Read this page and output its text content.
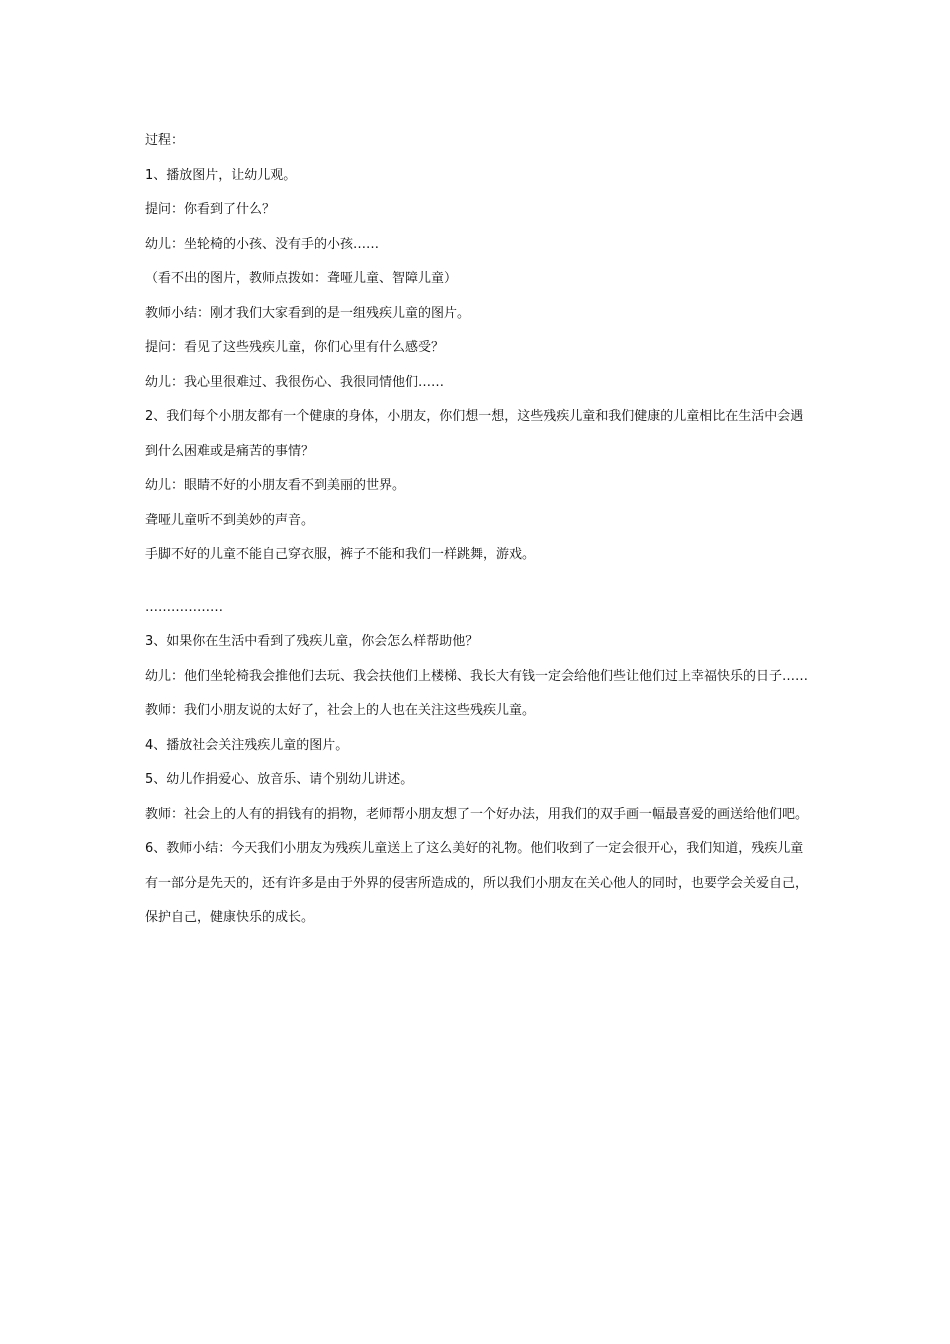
过程：

1、播放图片，让幼儿观。

提问：你看到了什么？

幼儿：坐轮椅的小孩、没有手的小孩……

（看不出的图片，教师点拨如：聋哑儿童、智障儿童）

教师小结：刚才我们大家看到的是一组残疾儿童的图片。

提问：看见了这些残疾儿童，你们心里有什么感受？

幼儿：我心里很难过、我很伤心、我很同情他们……

2、我们每个小朋友都有一个健康的身体，小朋友，你们想一想，这些残疾儿童和我们健康的儿童相比在生活中会遇到什么困难或是痛苦的事情？

幼儿：眼睛不好的小朋友看不到美丽的世界。

聋哑儿童听不到美妙的声音。

手脚不好的儿童不能自己穿衣服，裤子不能和我们一样跳舞，游戏。

………………

3、如果你在生活中看到了残疾儿童，你会怎么样帮助他？

幼儿：他们坐轮椅我会推他们去玩、我会扶他们上楼梯、我长大有钱一定会给他们些让他们过上幸福快乐的日子……

教师：我们小朋友说的太好了，社会上的人也在关注这些残疾儿童。

4、播放社会关注残疾儿童的图片。

5、幼儿作捐爱心、放音乐、请个别幼儿讲述。

教师：社会上的人有的捐钱有的捐物，老师帮小朋友想了一个好办法，用我们的双手画一幅最喜爱的画送给他们吧。

6、教师小结：今天我们小朋友为残疾儿童送上了这么美好的礼物。他们收到了一定会很开心，我们知道，残疾儿童有一部分是先天的，还有许多是由于外界的侵害所造成的，所以我们小朋友在关心他人的同时，也要学会关爱自己，保护自己，健康快乐的成长。
